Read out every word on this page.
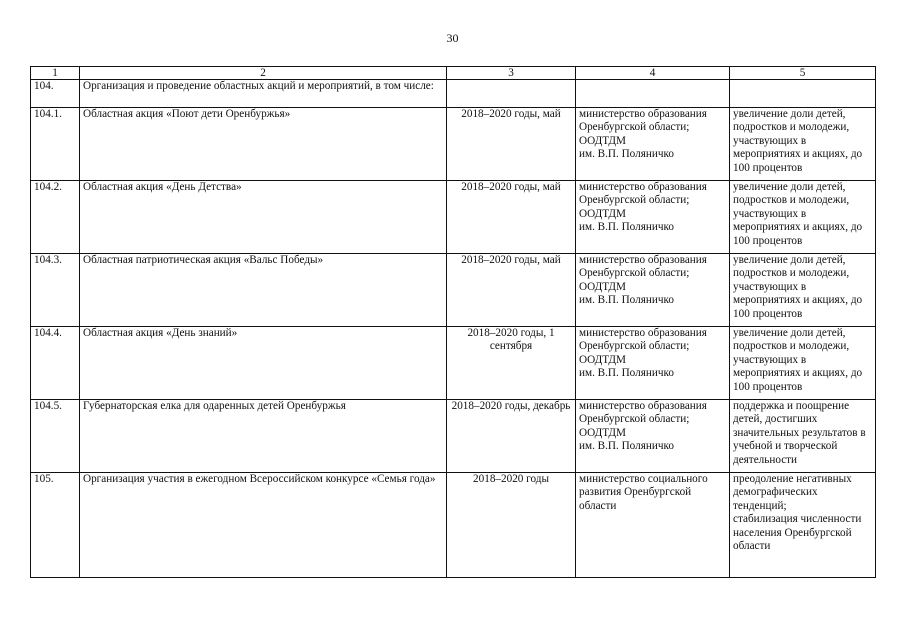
30
1	2	3	4	5
104.	Организация и проведение областных акций и мероприятий, в том числе:			
104.1.	Областная акция «Поют дети Оренбуржья»	2018–2020 годы, май	министерство образования Оренбургской области;
ООДТДМ
им. В.П. Поляничко	увеличение доли детей, подростков и молодежи, участвующих в мероприятиях и акциях, до 100 процентов
104.2.	Областная акция «День Детства»	2018–2020 годы, май	министерство образования Оренбургской области;
ООДТДМ
им. В.П. Поляничко	увеличение доли детей, подростков и молодежи, участвующих в мероприятиях и акциях, до 100 процентов
104.3.	Областная патриотическая акция «Вальс Победы»	2018–2020 годы, май	министерство образования Оренбургской области;
ООДТДМ
им. В.П. Поляничко	увеличение доли детей, подростков и молодежи, участвующих в мероприятиях и акциях, до 100 процентов
104.4.	Областная акция «День знаний»	2018–2020 годы, 1 сентября	министерство образования Оренбургской области;
ООДТДМ
им. В.П. Поляничко	увеличение доли детей, подростков и молодежи, участвующих в мероприятиях и акциях, до 100 процентов
104.5.	Губернаторская елка для одаренных детей Оренбуржья	2018–2020 годы, декабрь	министерство образования Оренбургской области;
ООДТДМ
им. В.П. Поляничко	поддержка и поощрение детей, достигших значительных результатов в учебной и творческой деятельности
105.	Организация участия в ежегодном Всероссийском конкурсе «Семья года»	2018–2020 годы	министерство социального развития Оренбургской области	преодоление негативных демографических тенденций;
стабилизация численности населения Оренбургской области
